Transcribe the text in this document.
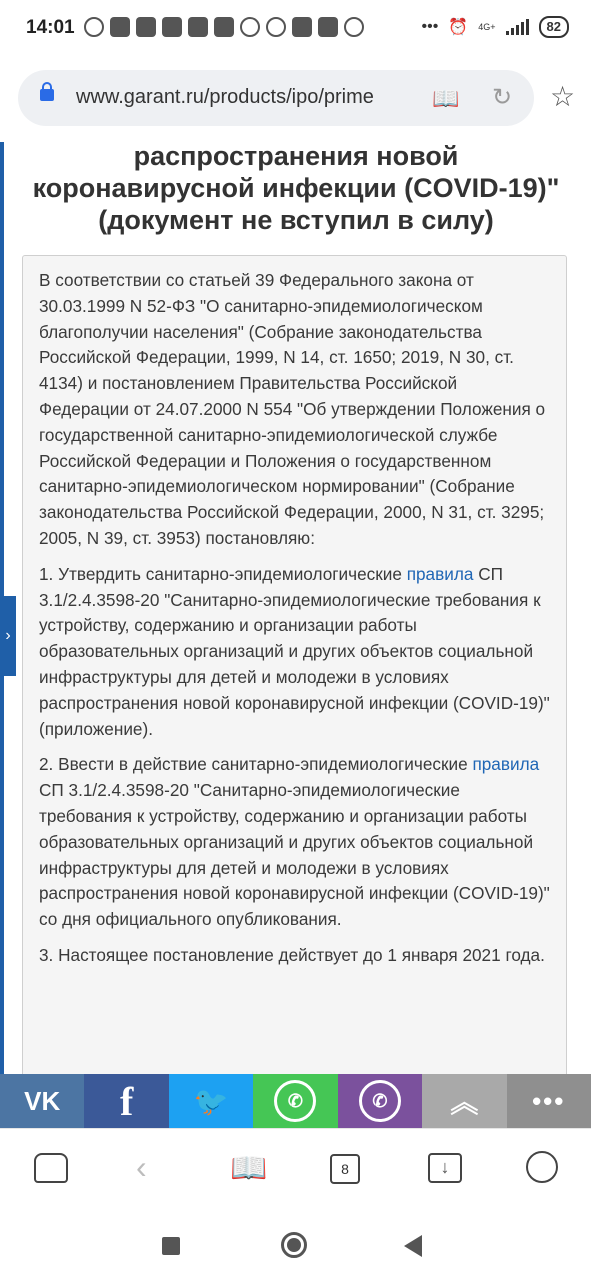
14:01	••• ⏰ 4G+	82
www.garant.ru/products/ipo/prime	📖 ↻ ☆
›
распространения новой коронавирусной инфекции (COVID-19)" (документ не вступил в силу)

В соответствии со статьей 39 Федерального закона от 30.03.1999 N 52-ФЗ "О санитарно-эпидемиологическом благополучии населения" (Собрание законодательства Российской Федерации, 1999, N 14, ст. 1650; 2019, N 30, ст. 4134) и постановлением Правительства Российской Федерации от 24.07.2000 N 554 "Об утверждении Положения о государственной санитарно-эпидемиологической службе Российской Федерации и Положения о государственном санитарно-эпидемиологическом нормировании" (Собрание законодательства Российской Федерации, 2000, N 31, ст. 3295; 2005, N 39, ст. 3953) постановляю:

1. Утвердить санитарно-эпидемиологические правила СП 3.1/2.4.3598-20 "Санитарно-эпидемиологические требования к устройству, содержанию и организации работы образовательных организаций и других объектов социальной инфраструктуры для детей и молодежи в условиях распространения новой коронавирусной инфекции (COVID-19)" (приложение).

2. Ввести в действие санитарно-эпидемиологические правила СП 3.1/2.4.3598-20 "Санитарно-эпидемиологические требования к устройству, содержанию и организации работы образовательных организаций и других объектов социальной инфраструктуры для детей и молодежи в условиях распространения новой коронавирусной инфекции (COVID-19)" со дня официального опубликования.

3. Настоящее постановление действует до 1 января 2021 года.

VK f 🐦	✆	✆	︽ •••
‹	📖	8	↓
